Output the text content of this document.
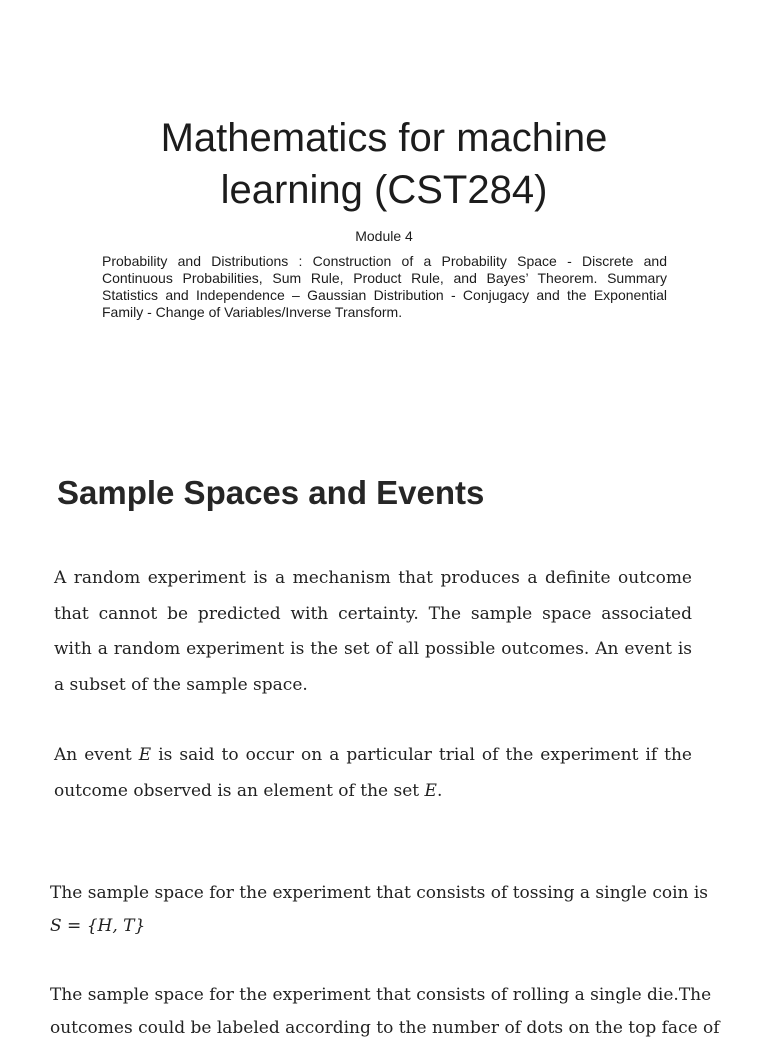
Mathematics for machine
learning (CST284)
Module 4

Probability and Distributions : Construction of a Probability Space - Discrete and Continuous Probabilities, Sum Rule, Product Rule, and Bayes’ Theorem. Summary Statistics and Independence – Gaussian Distribution - Conjugacy and the Exponential Family - Change of Variables/Inverse Transform.

Sample Spaces and Events

A random experiment is a mechanism that produces a definite outcome that cannot be predicted with certainty. The sample space associated with a random experiment is the set of all possible outcomes. An event is a subset of the sample space.

An event E is said to occur on a particular trial of the experiment if the outcome observed is an element of the set E.

The sample space for the experiment that consists of tossing a single coin is
S = {H, T}
The sample space for the experiment that consists of rolling a single die.The
outcomes could be labeled according to the number of dots on the top face of
